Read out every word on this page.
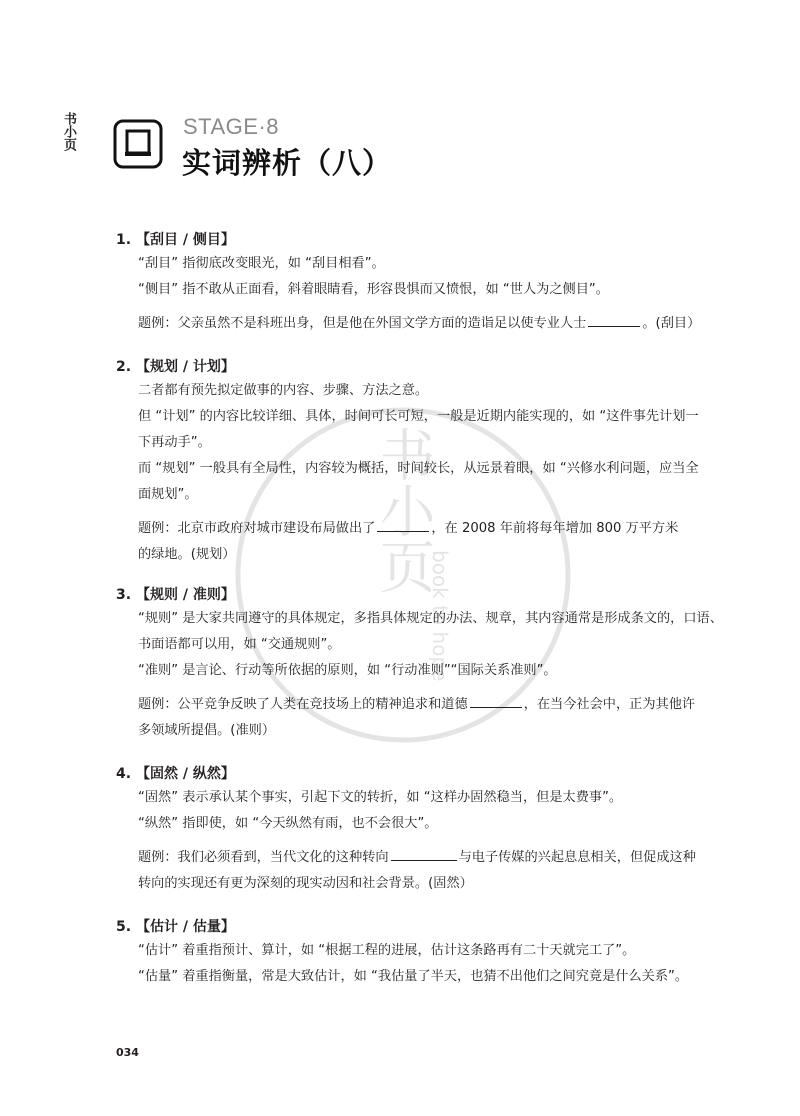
书小页	STAGE·8
实词辨析（八）
书小页
book to hope
1. 【刮目 / 侧目】
“刮目” 指彻底改变眼光，如 “刮目相看”。
“侧目” 指不敢从正面看，斜着眼睛看，形容畏惧而又愤恨，如 “世人为之侧目”。
题例：父亲虽然不是科班出身，但是他在外国文学方面的造诣足以使专业人士	。(刮目）
2. 【规划 / 计划】
二者都有预先拟定做事的内容、步骤、方法之意。
但 “计划” 的内容比较详细、具体，时间可长可短，一般是近期内能实现的，如 “这件事先计划一
下再动手”。
而 “规划” 一般具有全局性，内容较为概括，时间较长，从远景着眼，如 “兴修水利问题，应当全
面规划”。
题例：北京市政府对城市建设布局做出了	，在 2008 年前将每年增加 800 万平方米
的绿地。(规划）
3. 【规则 / 准则】
“规则” 是大家共同遵守的具体规定，多指具体规定的办法、规章，其内容通常是形成条文的，口语、
书面语都可以用，如 “交通规则”。
“准则” 是言论、行动等所依据的原则，如 “行动准则”“国际关系准则”。
题例：公平竞争反映了人类在竞技场上的精神追求和道德	，在当今社会中，正为其他许
多领域所提倡。(准则）
4. 【固然 / 纵然】
“固然” 表示承认某个事实，引起下文的转折，如 “这样办固然稳当，但是太费事”。
“纵然” 指即使，如 “今天纵然有雨，也不会很大”。
题例：我们必须看到，当代文化的这种转向	与电子传媒的兴起息息相关，但促成这种
转向的实现还有更为深刻的现实动因和社会背景。(固然）
5. 【估计 / 估量】
“估计” 着重指预计、算计，如 “根据工程的进展，估计这条路再有二十天就完工了”。
“估量” 着重指衡量，常是大致估计，如 “我估量了半天，也猜不出他们之间究竟是什么关系”。
034
